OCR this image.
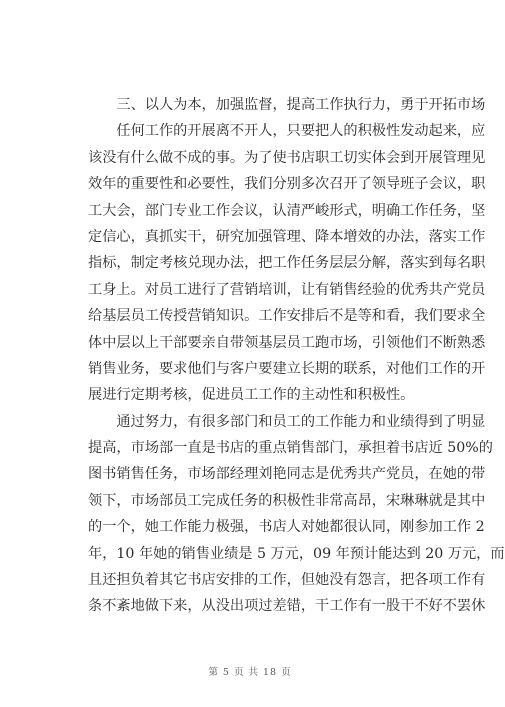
　　三、以人为本，加强监督，提高工作执行力，勇于开拓市场
　　任何工作的开展离不开人，只要把人的积极性发动起来，应
该没有什么做不成的事。为了使书店职工切实体会到开展管理见
效年的重要性和必要性，我们分别多次召开了领导班子会议，职
工大会，部门专业工作会议，认清严峻形式，明确工作任务，坚
定信心，真抓实干，研究加强管理、降本增效的办法，落实工作
指标，制定考核兑现办法，把工作任务层层分解，落实到每名职
工身上。对员工进行了营销培训，让有销售经验的优秀共产党员
给基层员工传授营销知识。工作安排后不是等和看，我们要求全
体中层以上干部要亲自带领基层员工跑市场，引领他们不断熟悉
销售业务，要求他们与客户要建立长期的联系，对他们工作的开
展进行定期考核，促进员工工作的主动性和积极性。
　　通过努力，有很多部门和员工的工作能力和业绩得到了明显
提高，市场部一直是书店的重点销售部门，承担着书店近 50%的
图书销售任务，市场部经理刘艳同志是优秀共产党员，在她的带
领下，市场部员工完成任务的积极性非常高昂，宋琳琳就是其中
的一个，她工作能力极强，书店人对她都很认同，刚参加工作 2
年，10 年她的销售业绩是 5 万元，09 年预计能达到 20 万元，而
且还担负着其它书店安排的工作，但她没有怨言，把各项工作有
条不紊地做下来，从没出项过差错，干工作有一股干不好不罢休
第 5 页 共 18 页
